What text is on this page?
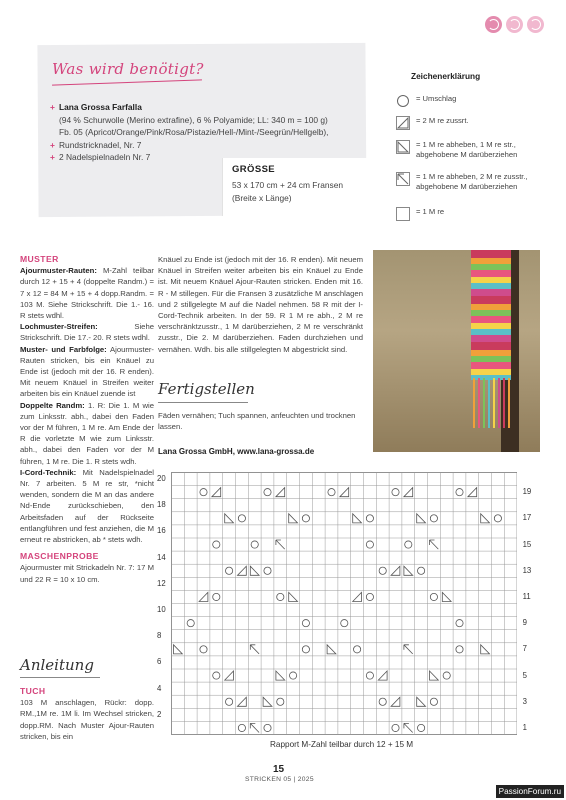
Was wird benötigt?
+ Lana Grossa Farfalla
(94 % Schurwolle (Merino extrafine), 6 % Polyamide; LL: 340 m = 100 g) Fb. 05 (Apricot/Orange/Pink/Rosa/Pistazie/Hell-/Mint-/Seegrün/Hellgelb),
+ Rundstricknadel, Nr. 7
+ 2 Nadelspielnadeln Nr. 7
GRÖSSE
53 x 170 cm + 24 cm Fransen
(Breite x Länge)
Zeichenerklärung
= Umschlag
= 2 M re zussrt.
= 1 M re abheben, 1 M re str., abgehobene M darüberziehen
= 1 M re abheben, 2 M re zusstr., abgehobene M darüberziehen
= 1 M re
MUSTER
Ajourmuster-Rauten: M-Zahl teilbar durch 12 + 15 + 4 (doppelte Randm.) = 7 x 12 = 84 M + 15 + 4 dopp.Randm. = 103 M. Siehe Strickschrift. Die 1.- 16. R stets wdhl.
Lochmuster-Streifen:	Siehe Strickschrift. Die 17.- 20. R stets wdhl.
Muster- und Farbfolge: Ajourmuster-Rauten stricken, bis ein Knäuel zu Ende ist (jedoch mit der 16. R enden). Mit neuem Knäuel in Streifen weiter arbeiten bis ein Knäuel zuende ist
Doppelte Randm: 1. R: Die 1. M wie zum Linksstr. abh., dabei den Faden vor der M führen, 1 M re. Am Ende der R die vorletzte M wie zum Linksstr. abh., dabei den Faden vor der M führen, 1 M re. Die 1. R stets wdh.
I-Cord-Technik: Mit Nadelspielnadel Nr. 7 arbeiten. 5 M re str, *nicht wenden, sondern die M an das andere Nd-Ende zurückschieben, den Arbeitsfaden auf der Rückseite entlangführen und fest anziehen, die M erneut re abstricken, ab * stets wdh.
MASCHENPROBE
Ajourmuster mit Strickadeln Nr. 7: 17 M und 22 R = 10 x 10 cm.
Anleitung
TUCH
103 M anschlagen, Rückr: dopp. RM.,1M re. 1M li. Im Wechsel stricken, dopp.RM. Nach Muster Ajour-Rauten stricken, bis ein
Knäuel zu Ende ist (jedoch mit der 16. R enden). Mit neuem Knäuel in Streifen weiter arbeiten bis ein Knäuel zu Ende ist. Mit neuem Knäuel Ajour-Rauten stricken. Enden mit 16. R - M stillegen. Für die Fransen 3 zusätzliche M anschlagen und 2 stillgelegte M auf die Nadel nehmen. 58 R mit der I-Cord-Technik arbeiten. In der 59. R 1 M re abh., 2 M re verschränktzusstr., 1 M darüberziehen, 2 M re verschränkt zusstr., Die 2. M darüberziehen. Faden durchziehen und vernähen. Wdh. bis alle stillgelegten M abgestrickt sind.
Fertigstellen
Fäden vernähen; Tuch spannen, anfeuchten und trocknen lassen.
Lana Grossa GmbH, www.lana-grossa.de
20
18
16
14
12
10
8
6
4
2
19
17
15
13
11
9
7
5
3
1
Rapport M-Zahl teilbar durch 12 + 15 M
15
STRICKEN 05 | 2025
PassionForum.ru
